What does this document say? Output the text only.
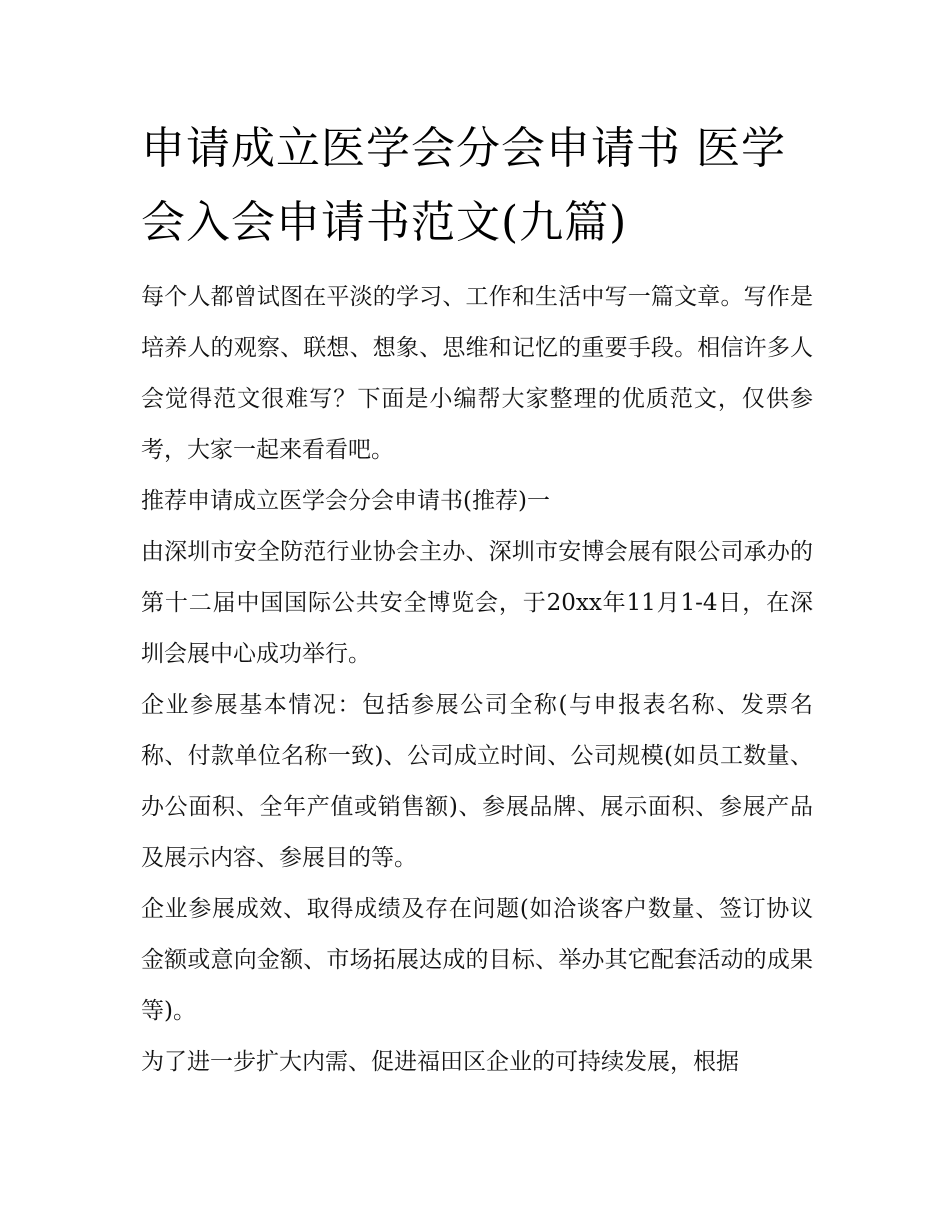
申请成立医学会分会申请书 医学会入会申请书范文(九篇)

每个人都曾试图在平淡的学习、工作和生活中写一篇文章。写作是培养人的观察、联想、想象、思维和记忆的重要手段。相信许多人会觉得范文很难写？下面是小编帮大家整理的优质范文，仅供参考，大家一起来看看吧。

推荐申请成立医学会分会申请书(推荐)一

由深圳市安全防范行业协会主办、深圳市安博会展有限公司承办的第十二届中国国际公共安全博览会，于20xx年11月1-4日，在深圳会展中心成功举行。

企业参展基本情况：包括参展公司全称(与申报表名称、发票名称、付款单位名称一致)、公司成立时间、公司规模(如员工数量、办公面积、全年产值或销售额)、参展品牌、展示面积、参展产品及展示内容、参展目的等。

企业参展成效、取得成绩及存在问题(如洽谈客户数量、签订协议金额或意向金额、市场拓展达成的目标、举办其它配套活动的成果等)。

为了进一步扩大内需、促进福田区企业的可持续发展，根据
